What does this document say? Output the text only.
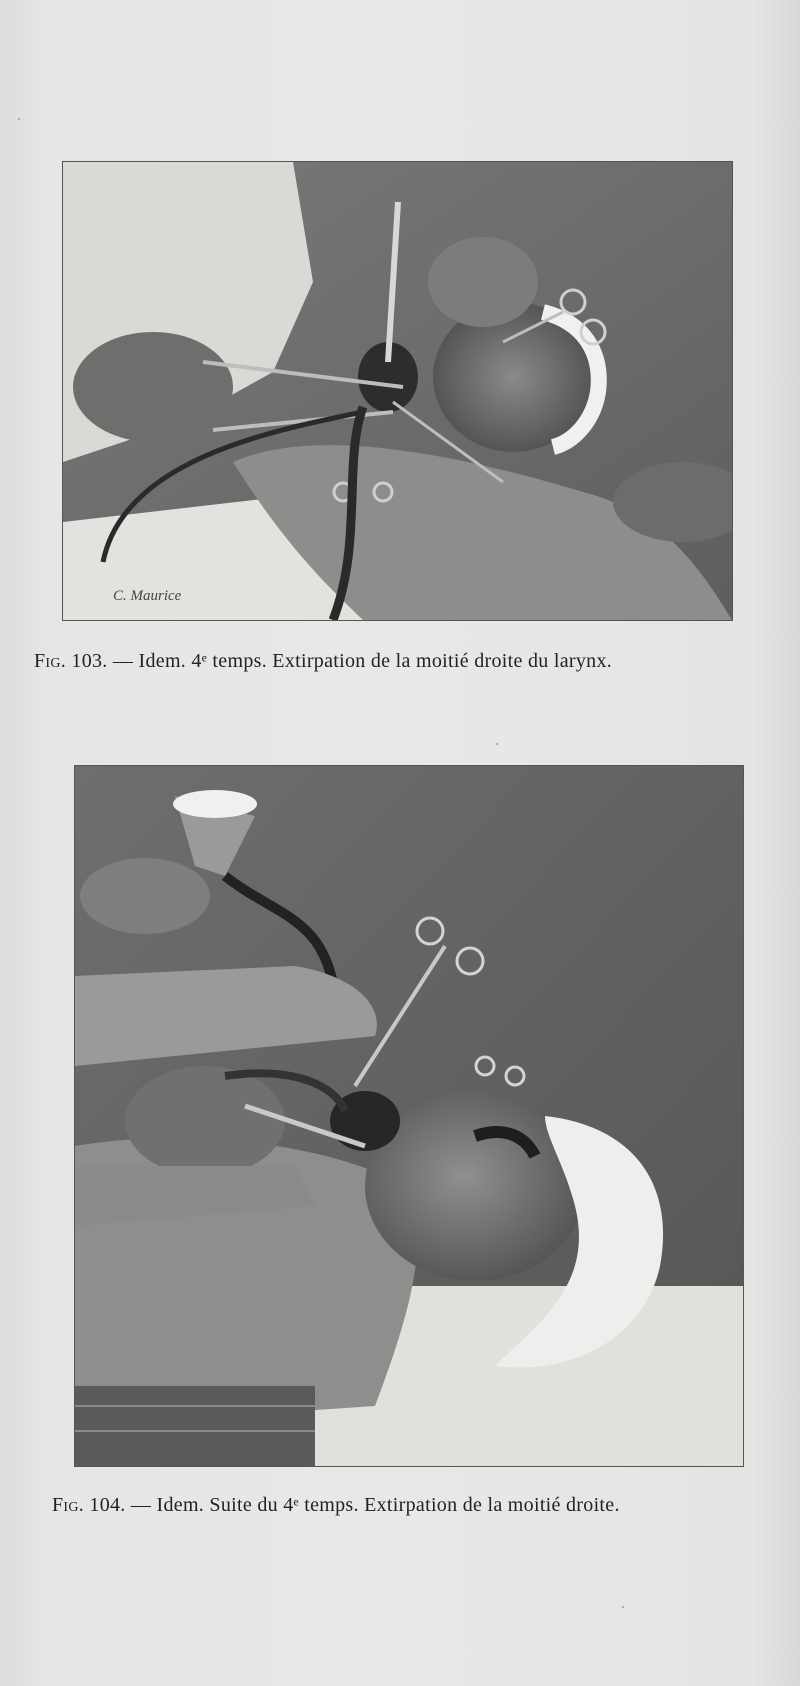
C. Maurice
Fig. 103. — Idem. 4ᵉ temps. Extirpation de la moitié droite du larynx.
Fig. 104. — Idem. Suite du 4ᵉ temps. Extirpation de la moitié droite.
